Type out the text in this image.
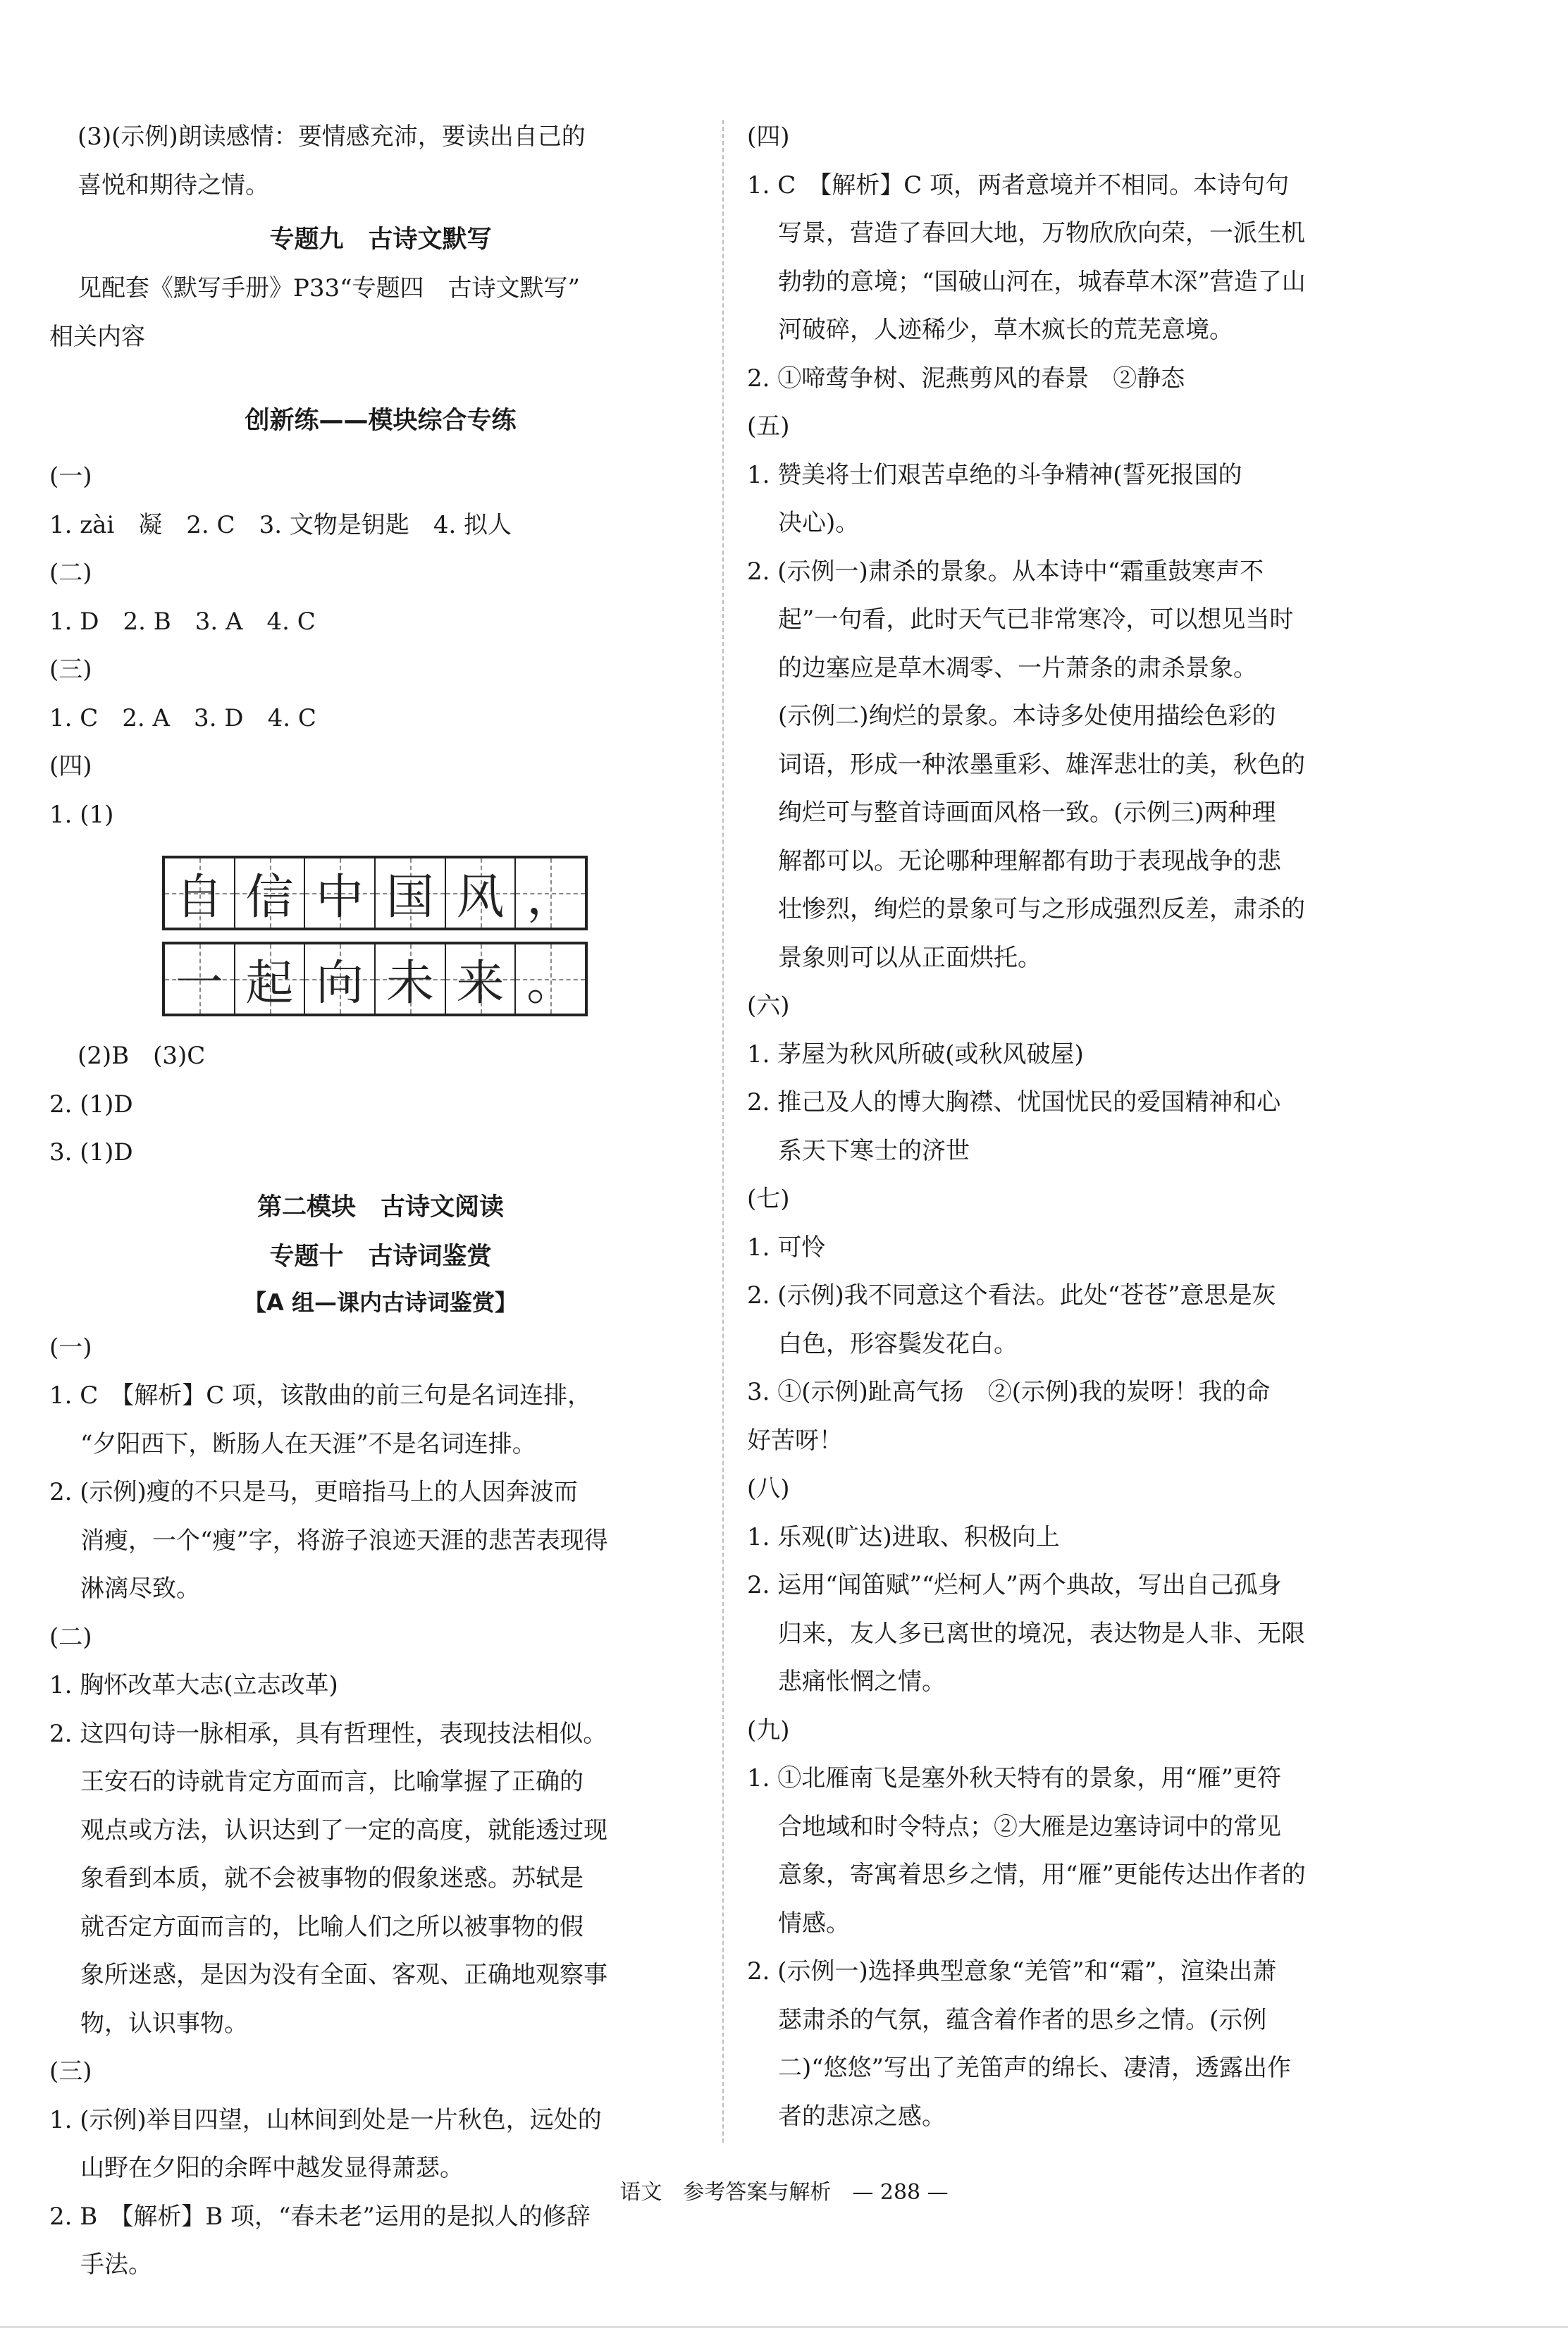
(3)(示例)朗读感情：要情感充沛，要读出自己的
喜悦和期待之情。
专题九　古诗文默写
见配套《默写手册》P33“专题四　古诗文默写”
相关内容
创新练——模块综合专练
(一)
1. zài　凝　2. C　3. 文物是钥匙　4. 拟人
(二)
1. D　2. B　3. A　4. C
(三)
1. C　2. A　3. D　4. C
(四)
1. (1)
自 信 中 国 风 ，
一 起 向 未 来 。
(2)B　(3)C
2. (1)D
3. (1)D
第二模块　古诗文阅读
专题十　古诗词鉴赏
【A 组—课内古诗词鉴赏】
(一)
1. C　【解析】C 项，该散曲的前三句是名词连排，
“夕阳西下，断肠人在天涯”不是名词连排。
2. (示例)瘦的不只是马，更暗指马上的人因奔波而
消瘦，一个“瘦”字，将游子浪迹天涯的悲苦表现得
淋漓尽致。
(二)
1. 胸怀改革大志(立志改革)
2. 这四句诗一脉相承，具有哲理性，表现技法相似。
王安石的诗就肯定方面而言，比喻掌握了正确的
观点或方法，认识达到了一定的高度，就能透过现
象看到本质，就不会被事物的假象迷惑。苏轼是
就否定方面而言的，比喻人们之所以被事物的假
象所迷惑，是因为没有全面、客观、正确地观察事
物，认识事物。
(三)
1. (示例)举目四望，山林间到处是一片秋色，远处的
山野在夕阳的余晖中越发显得萧瑟。
2. B　【解析】B 项，“春未老”运用的是拟人的修辞
手法。
(四)
1. C　【解析】C 项，两者意境并不相同。本诗句句
写景，营造了春回大地，万物欣欣向荣，一派生机
勃勃的意境；“国破山河在，城春草木深”营造了山
河破碎，人迹稀少，草木疯长的荒芜意境。
2. ①啼莺争树、泥燕剪风的春景　②静态
(五)
1. 赞美将士们艰苦卓绝的斗争精神(誓死报国的
决心)。
2. (示例一)肃杀的景象。从本诗中“霜重鼓寒声不
起”一句看，此时天气已非常寒冷，可以想见当时
的边塞应是草木凋零、一片萧条的肃杀景象。
(示例二)绚烂的景象。本诗多处使用描绘色彩的
词语，形成一种浓墨重彩、雄浑悲壮的美，秋色的
绚烂可与整首诗画面风格一致。(示例三)两种理
解都可以。无论哪种理解都有助于表现战争的悲
壮惨烈，绚烂的景象可与之形成强烈反差，肃杀的
景象则可以从正面烘托。
(六)
1. 茅屋为秋风所破(或秋风破屋)
2. 推己及人的博大胸襟、忧国忧民的爱国精神和心
系天下寒士的济世
(七)
1. 可怜
2. (示例)我不同意这个看法。此处“苍苍”意思是灰
白色，形容鬓发花白。
3. ①(示例)趾高气扬　②(示例)我的炭呀！我的命
好苦呀！
(八)
1. 乐观(旷达)进取、积极向上
2. 运用“闻笛赋”“烂柯人”两个典故，写出自己孤身
归来，友人多已离世的境况，表达物是人非、无限
悲痛怅惘之情。
(九)
1. ①北雁南飞是塞外秋天特有的景象，用“雁”更符
合地域和时令特点；②大雁是边塞诗词中的常见
意象，寄寓着思乡之情，用“雁”更能传达出作者的
情感。
2. (示例一)选择典型意象“羌管”和“霜”，渲染出萧
瑟肃杀的气氛，蕴含着作者的思乡之情。(示例
二)“悠悠”写出了羌笛声的绵长、凄清，透露出作
者的悲凉之感。
语文　参考答案与解析　— 288 —
